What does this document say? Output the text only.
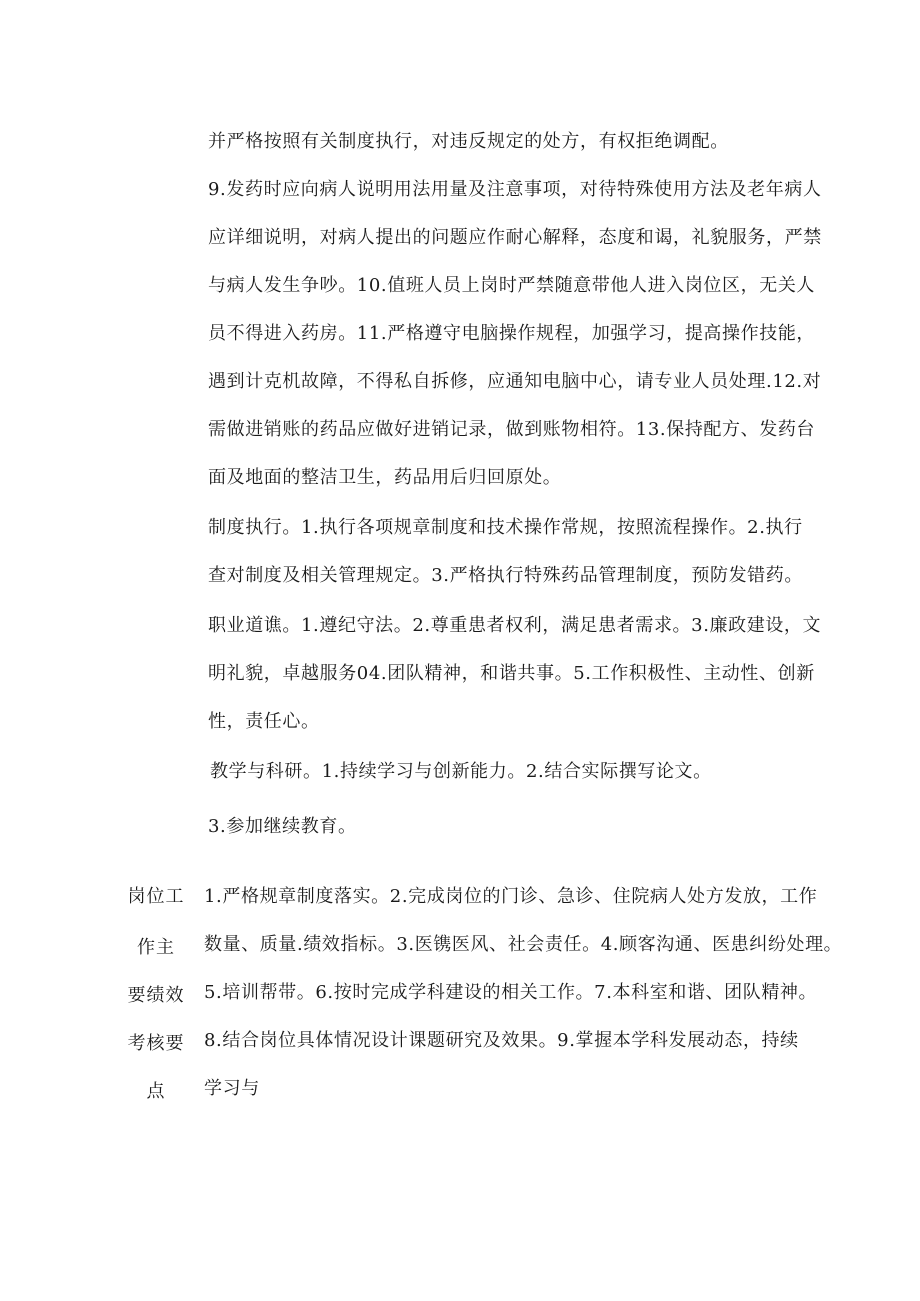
并严格按照有关制度执行，对违反规定的处方，有权拒绝调配。
9.发药时应向病人说明用法用量及注意事项，对待特殊使用方法及老年病人
应详细说明，对病人提出的问题应作耐心解释，态度和谒，礼貌服务，严禁
与病人发生争吵。10.值班人员上岗时严禁随意带他人进入岗位区，无关人
员不得进入药房。11.严格遵守电脑操作规程，加强学习，提高操作技能，
遇到计克机故障，不得私自拆修，应通知电脑中心，请专业人员处理.12.对
需做进销账的药品应做好进销记录，做到账物相符。13.保持配方、发药台
面及地面的整洁卫生，药品用后归回原处。
制度执行。1.执行各项规章制度和技术操作常规，按照流程操作。2.执行
查对制度及相关管理规定。3.严格执行特殊药品管理制度，预防发错药。
职业道谯。1.遵纪守法。2.尊重患者权利，满足患者需求。3.廉政建设，文
明礼貌，卓越服务04.团队精神，和谐共事。5.工作积极性、主动性、创新
性，责任心。
教学与科研。1.持续学习与创新能力。2.结合实际撰写论文。
3.参加继续教育。
岗位工
作主
要绩效
考核要
点
1.严格规章制度落实。2.完成岗位的门诊、急诊、住院病人处方发放，工作
数量、质量.绩效指标。3.医镌医风、社会责任。4.顾客沟通、医患纠纷处理。
5.培训帮带。6.按时完成学科建设的相关工作。7.本科室和谐、团队精神。
8.结合岗位具体情况设计课题研究及效果。9.掌握本学科发展动态，持续
学习与
